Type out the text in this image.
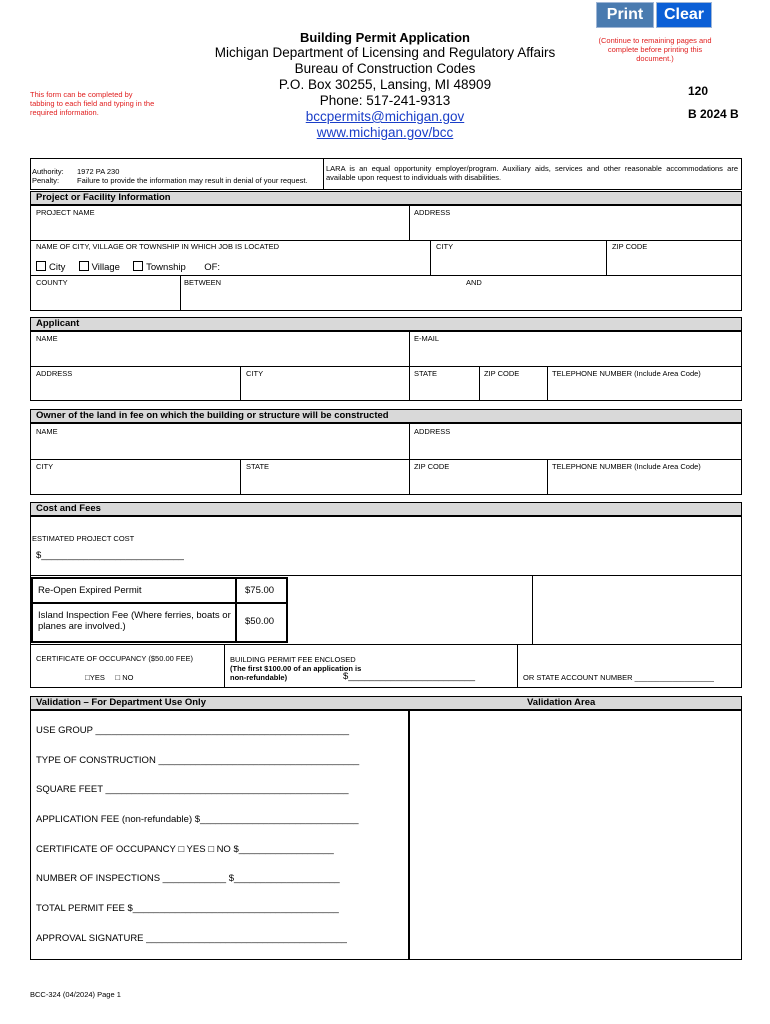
Print	Clear
Building Permit Application
Michigan Department of Licensing and Regulatory Affairs
Bureau of Construction Codes
P.O. Box 30255, Lansing, MI 48909
Phone: 517-241-9313
bccpermits@michigan.gov
www.michigan.gov/bcc
This form can be completed by tabbing to each field and typing in the required information.
(Continue to remaining pages and complete before printing this document.)
120
B 2024 B
Authority: 1972 PA 230
Penalty: Failure to provide the information may result in denial of your request.
LARA is an equal opportunity employer/program. Auxiliary aids, services and other reasonable accommodations are available upon request to individuals with disabilities.
Project or Facility Information
PROJECT NAME	ADDRESS
NAME OF CITY, VILLAGE OR TOWNSHIP IN WHICH JOB IS LOCATED	CITY	ZIP CODE
City	Village	Township OF:
COUNTY	BETWEEN	AND
Applicant
NAME	E-MAIL
ADDRESS	CITY	STATE	ZIP CODE	TELEPHONE NUMBER (Include Area Code)
Owner of the land in fee on which the building or structure will be constructed
NAME	ADDRESS
CITY	STATE	ZIP CODE	TELEPHONE NUMBER (Include Area Code)
Cost and Fees
ESTIMATED PROJECT COST
$___________________________
Re-Open Expired Permit	$75.00
Island Inspection Fee (Where ferries, boats or planes are involved.)	$50.00
CERTIFICATE OF OCCUPANCY ($50.00 FEE)
□YES □ NO
BUILDING PERMIT FEE ENCLOSED
(The first $100.00 of an application is non-refundable)	$________________________	OR STATE ACCOUNT NUMBER ___________________
Validation – For Department Use Only	Validation Area
USE GROUP ________________________________________________
TYPE OF CONSTRUCTION ______________________________________
SQUARE FEET ______________________________________________
APPLICATION FEE (non-refundable) $______________________________
CERTIFICATE OF OCCUPANCY □ YES □ NO $__________________
NUMBER OF INSPECTIONS ____________ $____________________
TOTAL PERMIT FEE $_______________________________________
APPROVAL SIGNATURE ______________________________________
BCC-324 (04/2024) Page 1
